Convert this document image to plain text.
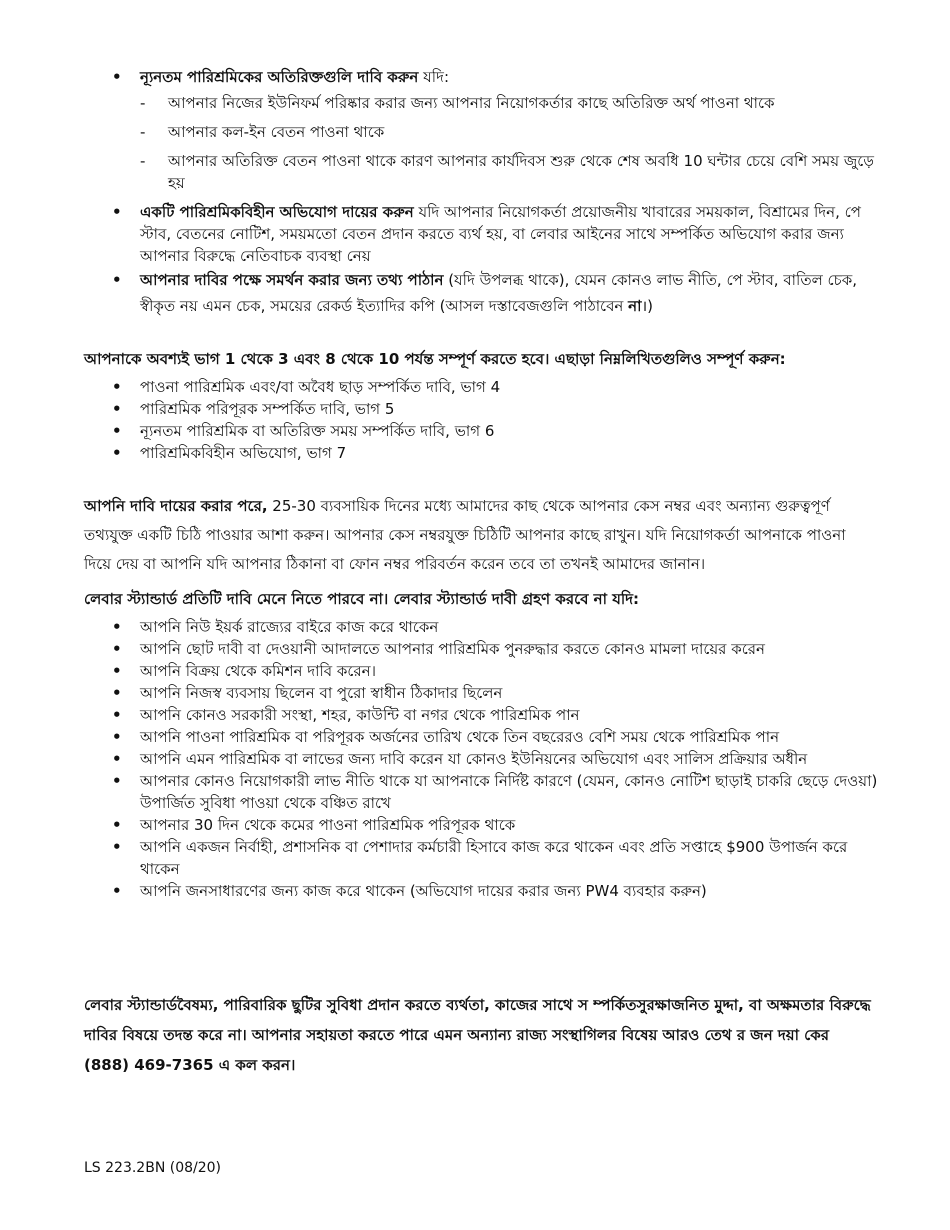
• ন্যূনতম পারিশ্রমিকের অতিরিক্তগুলি দাবি করুন যদি:
- আপনার নিজের ইউনিফর্ম পরিষ্কার করার জন্য আপনার নিয়োগকর্তার কাছে অতিরিক্ত অর্থ পাওনা থাকে
- আপনার কল-ইন বেতন পাওনা থাকে
- আপনার অতিরিক্ত বেতন পাওনা থাকে কারণ আপনার কার্যদিবস শুরু থেকে শেষ অবধি 10 ঘন্টার চেয়ে বেশি সময় জুড়ে হয়
• একটি পারিশ্রমিকবিহীন অভিযোগ দায়ের করুন যদি আপনার নিয়োগকর্তা প্রয়োজনীয় খাবারের সময়কাল, বিশ্রামের দিন, পে স্টাব, বেতনের নোটিশ, সময়মতো বেতন প্রদান করতে ব্যর্থ হয়, বা লেবার আইনের সাথে সম্পর্কিত অভিযোগ করার জন্য আপনার বিরুদ্ধে নেতিবাচক ব্যবস্থা নেয়
• আপনার দাবির পক্ষে সমর্থন করার জন্য তথ্য পাঠান (যদি উপলব্ধ থাকে), যেমন কোনও লাভ নীতি, পে স্টাব, বাতিল চেক, স্বীকৃত নয় এমন চেক, সময়ের রেকর্ড ইত্যাদির কপি (আসল দস্তাবেজগুলি পাঠাবেন না।)
আপনাকে অবশ্যই ভাগ 1 থেকে 3 এবং 8 থেকে 10 পর্যন্ত সম্পূর্ণ করতে হবে। এছাড়া নিম্নলিখিতগুলিও সম্পূর্ণ করুন:
• পাওনা পারিশ্রমিক এবং/বা অবৈধ ছাড় সম্পর্কিত দাবি, ভাগ 4
• পারিশ্রমিক পরিপূরক সম্পর্কিত দাবি, ভাগ 5
• ন্যূনতম পারিশ্রমিক বা অতিরিক্ত সময় সম্পর্কিত দাবি, ভাগ 6
• পারিশ্রমিকবিহীন অভিযোগ, ভাগ 7

আপনি দাবি দায়ের করার পরে, 25-30 ব্যবসায়িক দিনের মধ্যে আমাদের কাছ থেকে আপনার কেস নম্বর এবং অন্যান্য গুরুত্বপূর্ণ তথ্যযুক্ত একটি চিঠি পাওয়ার আশা করুন। আপনার কেস নম্বরযুক্ত চিঠিটি আপনার কাছে রাখুন। যদি নিয়োগকর্তা আপনাকে পাওনা দিয়ে দেয় বা আপনি যদি আপনার ঠিকানা বা ফোন নম্বর পরিবর্তন করেন তবে তা তখনই আমাদের জানান।

লেবার স্ট্যান্ডার্ড প্রতিটি দাবি মেনে নিতে পারবে না। লেবার স্ট্যান্ডার্ড দাবী গ্রহণ করবে না যদি:
• আপনি নিউ ইয়র্ক রাজ্যের বাইরে কাজ করে থাকেন
• আপনি ছোট দাবী বা দেওয়ানী আদালতে আপনার পারিশ্রমিক পুনরুদ্ধার করতে কোনও মামলা দায়ের করেন
• আপনি বিক্রয় থেকে কমিশন দাবি করেন।
• আপনি নিজস্ব ব্যবসায় ছিলেন বা পুরো স্বাধীন ঠিকাদার ছিলেন
• আপনি কোনও সরকারী সংস্থা, শহর, কাউন্টি বা নগর থেকে পারিশ্রমিক পান
• আপনি পাওনা পারিশ্রমিক বা পরিপূরক অর্জনের তারিখ থেকে তিন বছরেরও বেশি সময় থেকে পারিশ্রমিক পান
• আপনি এমন পারিশ্রমিক বা লাভের জন্য দাবি করেন যা কোনও ইউনিয়নের অভিযোগ এবং সালিস প্রক্রিয়ার অধীন
• আপনার কোনও নিয়োগকারী লাভ নীতি থাকে যা আপনাকে নির্দিষ্ট কারণে (যেমন, কোনও নোটিশ ছাড়াই চাকরি ছেড়ে দেওয়া) উপার্জিত সুবিধা পাওয়া থেকে বঞ্চিত রাখে
• আপনার 30 দিন থেকে কমের পাওনা পারিশ্রমিক পরিপূরক থাকে
• আপনি একজন নির্বাহী, প্রশাসনিক বা পেশাদার কর্মচারী হিসাবে কাজ করে থাকেন এবং প্রতি সপ্তাহে $900 উপার্জন করে থাকেন
• আপনি জনসাধারণের জন্য কাজ করে থাকেন (অভিযোগ দায়ের করার জন্য PW4 ব্যবহার করুন)

লেবার স্ট্যান্ডার্ডবৈষম্য, পারিবারিক ছুটির সুবিধা প্রদান করতে ব্যর্থতা, কাজের সাথে স ম্পর্কিতসুরক্ষাজনিত মুদ্দা, বা অক্ষমতার বিরুদ্ধে দাবির বিষয়ে তদন্ত করে না। আপনার সহায়তা করতে পারে এমন অন্যান্য রাজ্য সংস্থাগিলর বিষেয় আরও তেথ র জন দয়া কের (888) 469-7365 এ কল করন।

LS 223.2BN (08/20)
